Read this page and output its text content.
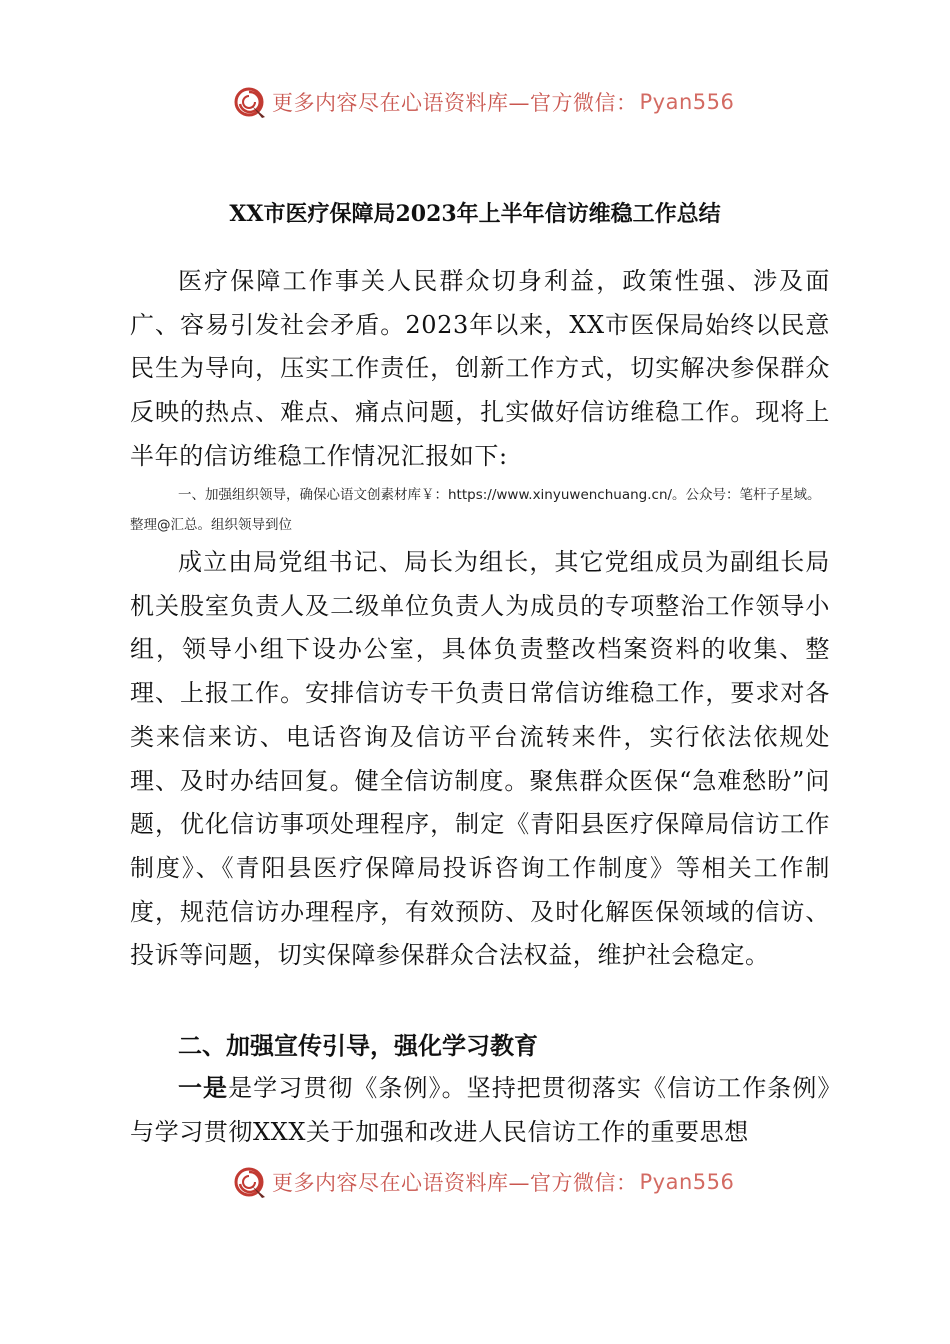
更多内容尽在心语资料库—官方微信： Pyan556
XX市医疗保障局2023年上半年信访维稳工作总结
医疗保障工作事关人民群众切身利益，政策性强、涉及面广、容易引发社会矛盾。2023年以来，XX市医保局始终以民意民生为导向，压实工作责任，创新工作方式，切实解决参保群众反映的热点、难点、痛点问题，扎实做好信访维稳工作。现将上半年的信访维稳工作情况汇报如下:
一、加强组织领导，确保心语文创素材库￥：https://www.xinyuwenchuang.cn/。公众号：笔杆子星域。整理@汇总。组织领导到位
成立由局党组书记、局长为组长，其它党组成员为副组长局机关股室负责人及二级单位负责人为成员的专项整治工作领导小组，领导小组下设办公室，具体负责整改档案资料的收集、整理、上报工作。安排信访专干负责日常信访维稳工作，要求对各类来信来访、电话咨询及信访平台流转来件，实行依法依规处理、及时办结回复。健全信访制度。聚焦群众医保“急难愁盼”问题，优化信访事项处理程序，制定《青阳县医疗保障局信访工作制度》、《青阳县医疗保障局投诉咨询工作制度》等相关工作制度，规范信访办理程序，有效预防、及时化解医保领域的信访、投诉等问题，切实保障参保群众合法权益，维护社会稳定。
二、加强宣传引导，强化学习教育
一是是学习贯彻《条例》。坚持把贯彻落实《信访工作条例》与学习贯彻XXX关于加强和改进人民信访工作的重要思想
更多内容尽在心语资料库—官方微信： Pyan556
